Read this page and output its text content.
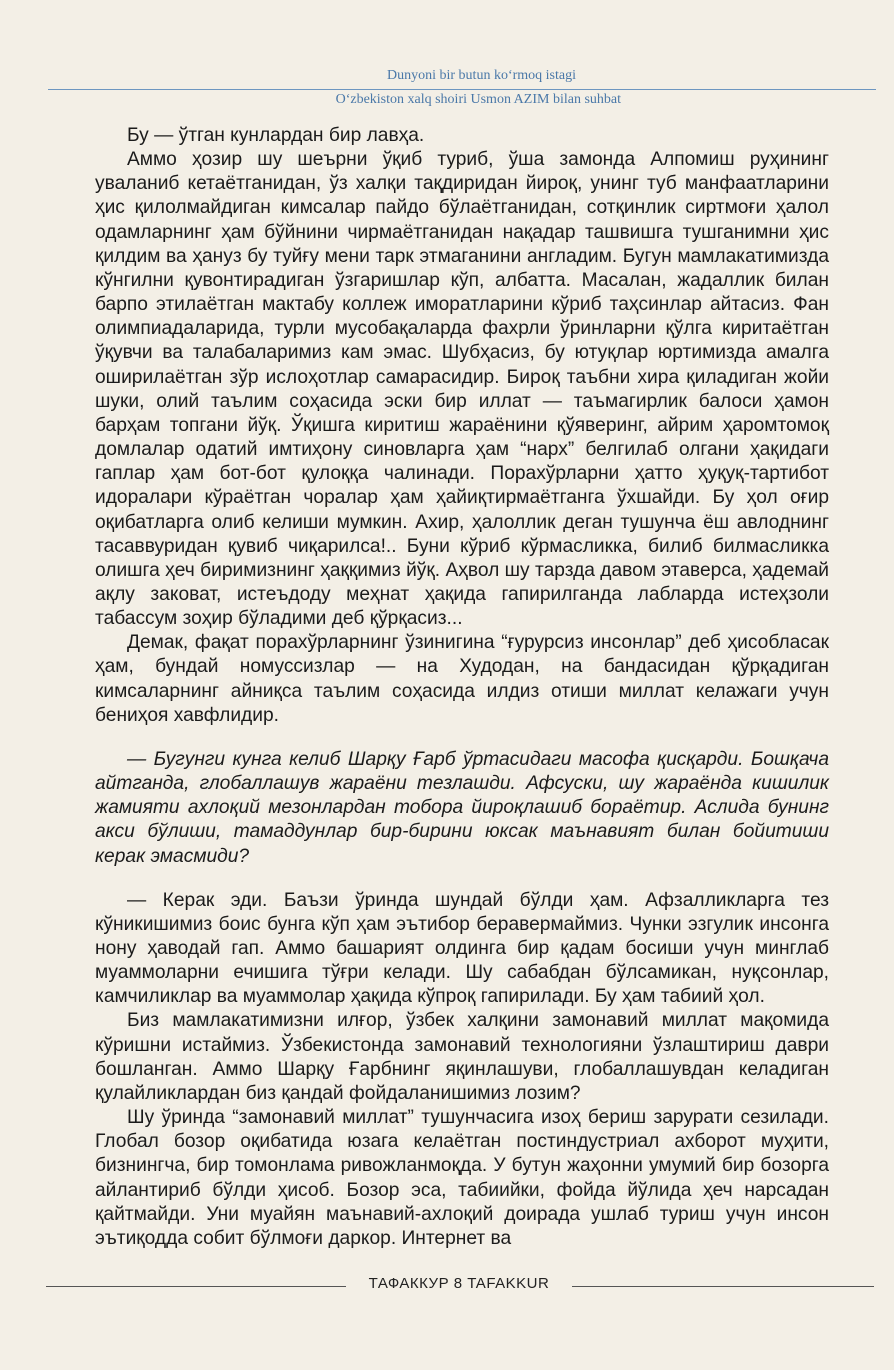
Dunyoni bir butun ko‘rmoq istagi
O‘zbekiston xalq shoiri Usmon AZIM bilan suhbat

Бу — ўтган кунлардан бир лавҳа.

Аммо ҳозир шу шеърни ўқиб туриб, ўша замонда Алпомиш руҳининг уваланиб кетаётганидан, ўз халқи тақдиридан йироқ, унинг туб манфаатларини ҳис қилолмайдиган кимсалар пайдо бўлаётганидан, сотқинлик сиртмоғи ҳалол одамларнинг ҳам бўйнини чирмаётганидан нақадар ташвишга тушганимни ҳис қилдим ва ҳануз бу туйғу мени тарк этмаганини англадим. Бугун мамлакатимизда кўнгилни қувонтирадиган ўзгаришлар кўп, албатта. Масалан, жадаллик билан барпо этилаётган мактабу коллеж иморатларини кўриб таҳсинлар айтасиз. Фан олимпиадаларида, турли мусобақаларда фахрли ўринларни қўлга киритаётган ўқувчи ва талабаларимиз кам эмас. Шубҳасиз, бу ютуқлар юртимизда амалга оширилаётган зўр ислоҳотлар самарасидир. Бироқ таъбни хира қиладиган жойи шуки, олий таълим соҳасида эски бир иллат — таъмагирлик балоси ҳамон барҳам топгани йўқ. Ўқишга киритиш жараёнини қўяверинг, айрим ҳаромтомоқ домлалар одатий имтиҳону синовларга ҳам “нарх” белгилаб олгани ҳақидаги гаплар ҳам бот-бот қулоққа чалинади. Порахўрларни ҳатто ҳуқуқ-тартибот идоралари кўраётган чоралар ҳам ҳайиқтирмаётганга ўхшайди. Бу ҳол оғир оқибатларга олиб келиши мумкин. Ахир, ҳалоллик деган тушунча ёш авлоднинг тасаввуридан қувиб чиқарилса!.. Буни кўриб кўрмасликка, билиб билмасликка олишга ҳеч биримизнинг ҳаққимиз йўқ. Аҳвол шу тарзда давом этаверса, ҳадемай ақлу заковат, истеъдоду меҳнат ҳақида гапирилганда лабларда истеҳзоли табассум зоҳир бўладими деб қўрқасиз...

Демак, фақат порахўрларнинг ўзинигина “ғурурсиз инсонлар” деб ҳисобласак ҳам, бундай номуссизлар — на Худодан, на бандасидан қўрқадиган кимсаларнинг айниқса таълим соҳасида илдиз отиши миллат келажаги учун бениҳоя хавфлидир.

— Бугунги кунга келиб Шарқу Ғарб ўртасидаги масофа қисқарди. Бошқача айтганда, глобаллашув жараёни тезлашди. Афсуски, шу жараёнда кишилик жамияти ахлоқий мезонлардан тобора йироқлашиб бораётир. Аслида бунинг акси бўлиши, тамаддунлар бир-бирини юксак маънавият билан бойитиши керак эмасмиди?

— Керак эди. Баъзи ўринда шундай бўлди ҳам. Афзалликларга тез кўникишимиз боис бунга кўп ҳам эътибор беравермаймиз. Чунки эзгулик инсонга нону ҳаводай гап. Аммо башарият олдинга бир қадам босиши учун минглаб муаммоларни ечишига тўғри келади. Шу сабабдан бўлсамикан, нуқсонлар, камчиликлар ва муаммолар ҳақида кўпроқ гапирилади. Бу ҳам табиий ҳол.

Биз мамлакатимизни илғор, ўзбек халқини замонавий миллат мақомида кўришни истаймиз. Ўзбекистонда замонавий технологияни ўзлаштириш даври бошланган. Аммо Шарқу Ғарбнинг яқинлашуви, глобаллашувдан келадиган қулайликлардан биз қандай фойдаланишимиз лозим?

Шу ўринда “замонавий миллат” тушунчасига изоҳ бериш зарурати сезилади. Глобал бозор оқибатида юзага келаётган постиндустриал ахборот муҳити, бизнингча, бир томонлама ривожланмоқда. У бутун жаҳонни умумий бир бозорга айлантириб бўлди ҳисоб. Бозор эса, табиийки, фойда йўлида ҳеч нарсадан қайтмайди. Уни муайян маънавий-ахлоқий доирада ушлаб туриш учун инсон эътиқодда собит бўлмоғи даркор. Интернет ва

ТАФАККУР 8 TAFAKKUR
